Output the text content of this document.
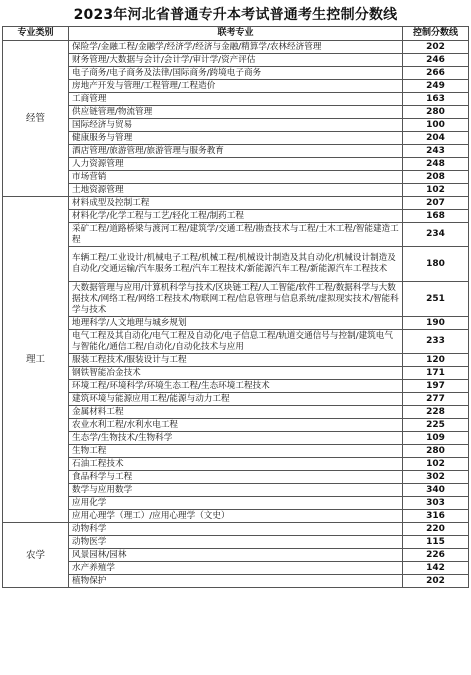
2023年河北省普通专升本考试普通考生控制分数线
专业类别	联考专业	控制分数线
经管	保险学/金融工程/金融学/经济学/经济与金融/精算学/农林经济管理	202
	财务管理/大数据与会计/会计学/审计学/资产评估	246
	电子商务/电子商务及法律/国际商务/跨境电子商务	266
	房地产开发与管理/工程管理/工程造价	249
	工商管理	163
	供应链管理/物流管理	280
	国际经济与贸易	100
	健康服务与管理	204
	酒店管理/旅游管理/旅游管理与服务教育	243
	人力资源管理	248
	市场营销	208
	土地资源管理	102
理工	材料成型及控制工程	207
	材料化学/化学工程与工艺/轻化工程/制药工程	168
	采矿工程/道路桥梁与渡河工程/建筑学/交通工程/勘查技术与工程/土木工程/智能建造工程	234
	车辆工程/工业设计/机械电子工程/机械工程/机械设计制造及其自动化/机械设计制造及自动化/交通运输/汽车服务工程/汽车工程技术/新能源汽车工程/新能源汽车工程技术	180
	大数据管理与应用/计算机科学与技术/区块链工程/人工智能/软件工程/数据科学与大数据技术/网络工程/网络工程技术/物联网工程/信息管理与信息系统/虚拟现实技术/智能科学与技术	251
	地理科学/人文地理与城乡规划	190
	电气工程及其自动化/电气工程及自动化/电子信息工程/轨道交通信号与控制/建筑电气与智能化/通信工程/自动化/自动化技术与应用	233
	服装工程技术/服装设计与工程	120
	钢铁智能冶金技术	171
	环境工程/环境科学/环境生态工程/生态环境工程技术	197
	建筑环境与能源应用工程/能源与动力工程	277
	金属材料工程	228
	农业水利工程/水利水电工程	225
	生态学/生物技术/生物科学	109
	生物工程	280
	石油工程技术	102
	食品科学与工程	302
	数学与应用数学	340
	应用化学	303
	应用心理学（理工）/应用心理学（文史）	316
农学	动物科学	220
	动物医学	115
	风景园林/园林	226
	水产养殖学	142
	植物保护	202
